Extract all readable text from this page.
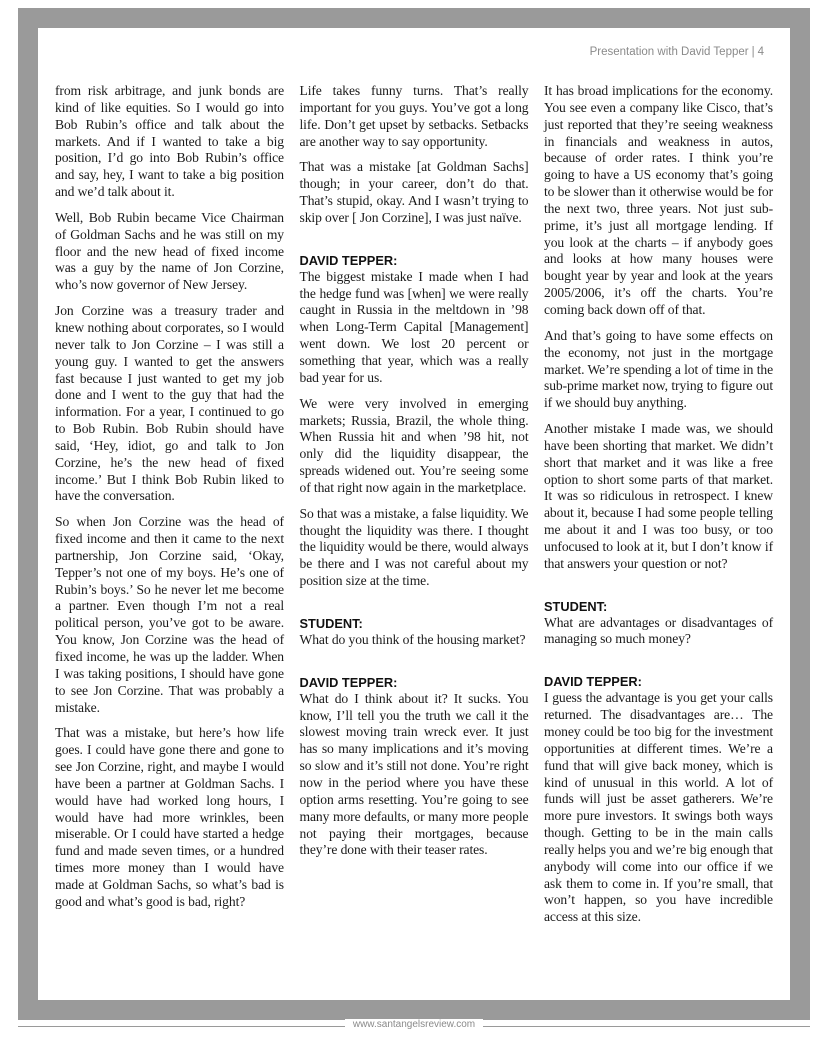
Presentation with David Tepper | 4

from risk arbitrage, and junk bonds are kind of like equities. So I would go into Bob Rubin’s office and talk about the markets. And if I wanted to take a big position, I’d go into Bob Rubin’s office and say, hey, I want to take a big position and we’d talk about it.

Well, Bob Rubin became Vice Chairman of Goldman Sachs and he was still on my floor and the new head of fixed income was a guy by the name of Jon Corzine, who’s now governor of New Jersey.

Jon Corzine was a treasury trader and knew nothing about corporates, so I would never talk to Jon Corzine – I was still a young guy. I wanted to get the answers fast because I just wanted to get my job done and I went to the guy that had the information. For a year, I continued to go to Bob Rubin. Bob Rubin should have said, ‘Hey, idiot, go and talk to Jon Corzine, he’s the new head of fixed income.’ But I think Bob Rubin liked to have the conversation.

So when Jon Corzine was the head of fixed income and then it came to the next partnership, Jon Corzine said, ‘Okay, Tepper’s not one of my boys. He’s one of Rubin’s boys.’ So he never let me become a partner. Even though I’m not a real political person, you’ve got to be aware. You know, Jon Corzine was the head of fixed income, he was up the ladder. When I was taking positions, I should have gone to see Jon Corzine. That was probably a mistake.

That was a mistake, but here’s how life goes. I could have gone there and gone to see Jon Corzine, right, and maybe I would have been a partner at Goldman Sachs. I would have had worked long hours, I would have had more wrinkles, been miserable. Or I could have started a hedge fund and made seven times, or a hundred times more money than I would have made at Goldman Sachs, so what’s bad is good and what’s good is bad, right?

Life takes funny turns. That’s really important for you guys. You’ve got a long life. Don’t get upset by setbacks. Setbacks are another way to say opportunity.

That was a mistake [at Goldman Sachs] though; in your career, don’t do that. That’s stupid, okay. And I wasn’t trying to skip over [ Jon Corzine], I was just naïve.

DAVID TEPPER:

The biggest mistake I made when I had the hedge fund was [when] we were really caught in Russia in the meltdown in ’98 when Long-Term Capital [Management] went down. We lost 20 percent or something that year, which was a really bad year for us.

We were very involved in emerging markets; Russia, Brazil, the whole thing. When Russia hit and when ’98 hit, not only did the liquidity disappear, the spreads widened out. You’re seeing some of that right now again in the marketplace.

So that was a mistake, a false liquidity. We thought the liquidity was there. I thought the liquidity would be there, would always be there and I was not careful about my position size at the time.

STUDENT:

What do you think of the housing market?

DAVID TEPPER:

What do I think about it? It sucks. You know, I’ll tell you the truth we call it the slowest moving train wreck ever. It just has so many implications and it’s moving so slow and it’s still not done. You’re right now in the period where you have these option arms resetting. You’re going to see many more defaults, or many more people not paying their mortgages, because they’re done with their teaser rates.

It has broad implications for the economy. You see even a company like Cisco, that’s just reported that they’re seeing weakness in financials and weakness in autos, because of order rates. I think you’re going to have a US economy that’s going to be slower than it otherwise would be for the next two, three years. Not just sub-prime, it’s just all mortgage lending. If you look at the charts – if anybody goes and looks at how many houses were bought year by year and look at the years 2005/2006, it’s off the charts. You’re coming back down off of that.

And that’s going to have some effects on the economy, not just in the mortgage market. We’re spending a lot of time in the sub-prime market now, trying to figure out if we should buy anything.

Another mistake I made was, we should have been shorting that market. We didn’t short that market and it was like a free option to short some parts of that market. It was so ridiculous in retrospect. I knew about it, because I had some people telling me about it and I was too busy, or too unfocused to look at it, but I don’t know if that answers your question or not?

STUDENT:

What are advantages or disadvantages of managing so much money?

DAVID TEPPER:

I guess the advantage is you get your calls returned. The disadvantages are… The money could be too big for the investment opportunities at different times. We’re a fund that will give back money, which is kind of unusual in this world. A lot of funds will just be asset gatherers. We’re more pure investors. It swings both ways though. Getting to be in the main calls really helps you and we’re big enough that anybody will come into our office if we ask them to come in. If you’re small, that won’t happen, so you have incredible access at this size.

www.santangelsreview.com
